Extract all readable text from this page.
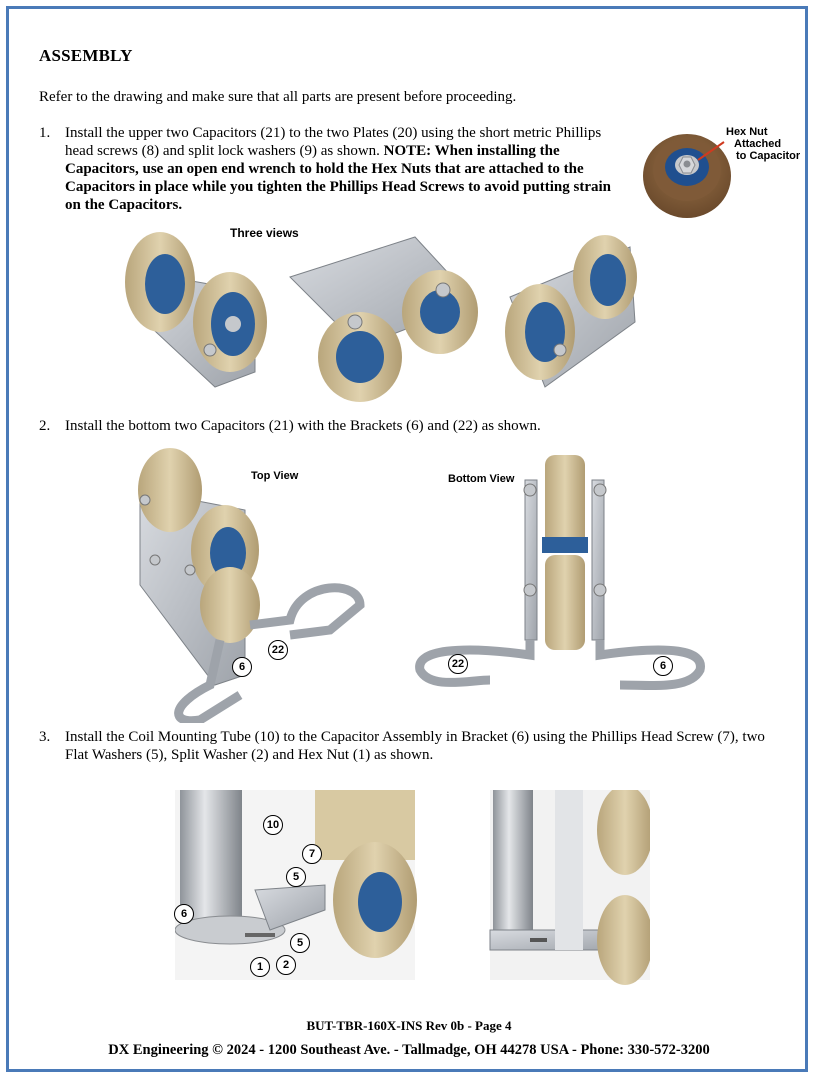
ASSEMBLY
Refer to the drawing and make sure that all parts are present before proceeding.
1. Install the upper two Capacitors (21) to the two Plates (20) using the short metric Phillips head screws (8) and split lock washers (9) as shown. NOTE: When installing the Capacitors, use an open end wrench to hold the Hex Nuts that are attached to the Capacitors in place while you tighten the Phillips Head Screws to avoid putting strain on the Capacitors.
Hex Nut
Attached
to Capacitor
Three views
2. Install the bottom two Capacitors (21) with the Brackets (6) and (22) as shown.
Top View	Bottom View
22
6	22	6
3. Install the Coil Mounting Tube (10) to the Capacitor Assembly in Bracket (6) using the Phillips Head Screw (7), two Flat Washers (5), Split Washer (2) and Hex Nut (1) as shown.
10
7
5
6
5
1	2
BUT-TBR-160X-INS Rev 0b - Page 4
DX Engineering © 2024 - 1200 Southeast Ave. - Tallmadge, OH 44278 USA - Phone: 330-572-3200
